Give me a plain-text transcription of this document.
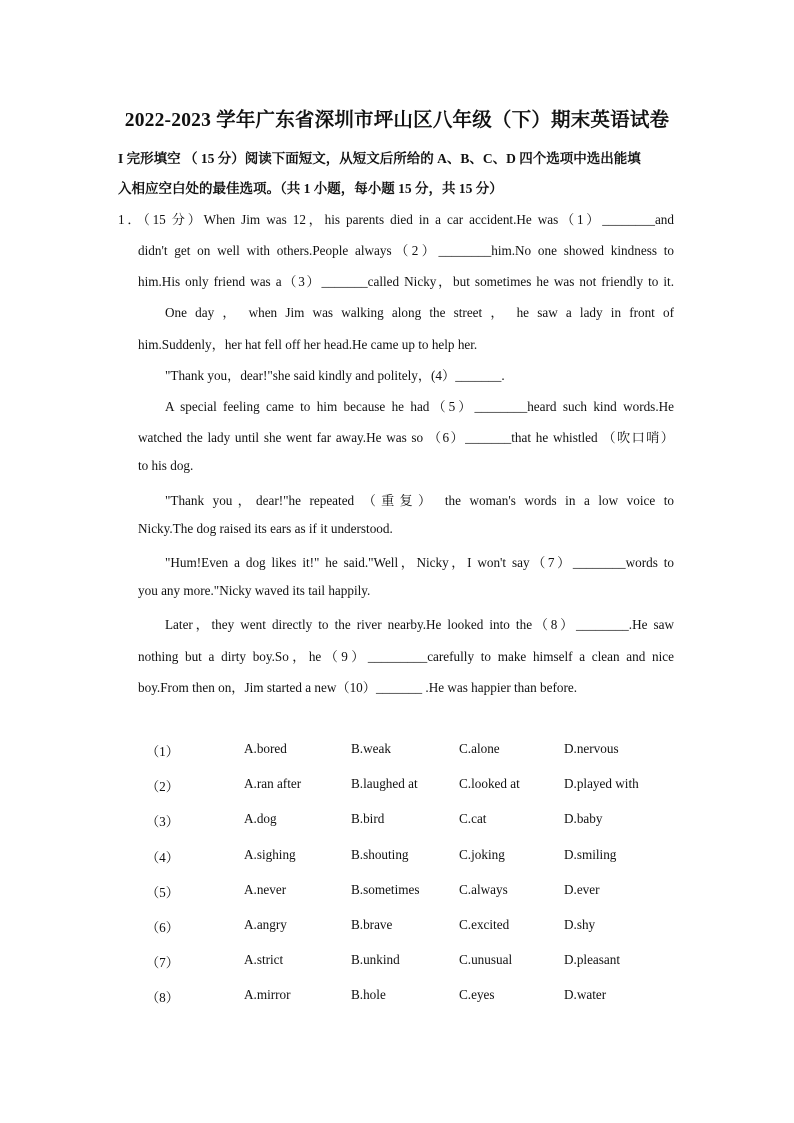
2022-2023 学年广东省深圳市坪山区八年级（下）期末英语试卷
I 完形填空 （ 15 分）阅读下面短文，从短文后所给的 A、B、C、D 四个选项中选出能填
入相应空白处的最佳选项。（共 1 小题，每小题 15 分，共 15 分）
1．（15 分）When Jim was 12，his parents died in a car accident.He was（1）________and
didn't get on well with others.People always（2）________him.No one showed kindness to
him.His only friend was a（3）_______called Nicky，but sometimes he was not friendly to it.
One day ， when Jim was walking along the street ， he saw a lady in front of
him.Suddenly，her hat fell off her head.He came up to help her.
"Thank you，dear!"she said kindly and politely，(4）_______.
A special feeling came to him because he had（5）________heard such kind words.He
watched the lady until she went far away.He was so （6）_______that he whistled （吹口哨）
to his dog.
"Thank you，dear!"he repeated （重复） the woman's words in a low voice to
Nicky.The dog raised its ears as if it understood.
"Hum!Even a dog likes it!" he said."Well，Nicky，I won't say（7）________words to
you any more."Nicky waved its tail happily.
Later，they went directly to the river nearby.He looked into the（8）________.He saw
nothing but a dirty boy.So，he（9）_________carefully to make himself a clean and nice
boy.From then on，Jim started a new（10）_______ .He was happier than before.
（1）	A.bored	B.weak	C.alone	D.nervous
（2）	A.ran after	B.laughed at	C.looked at	D.played with
（3）	A.dog	B.bird	C.cat	D.baby
（4）	A.sighing	B.shouting	C.joking	D.smiling
（5）	A.never	B.sometimes	C.always	D.ever
（6）	A.angry	B.brave	C.excited	D.shy
（7）	A.strict	B.unkind	C.unusual	D.pleasant
（8）	A.mirror	B.hole	C.eyes	D.water
